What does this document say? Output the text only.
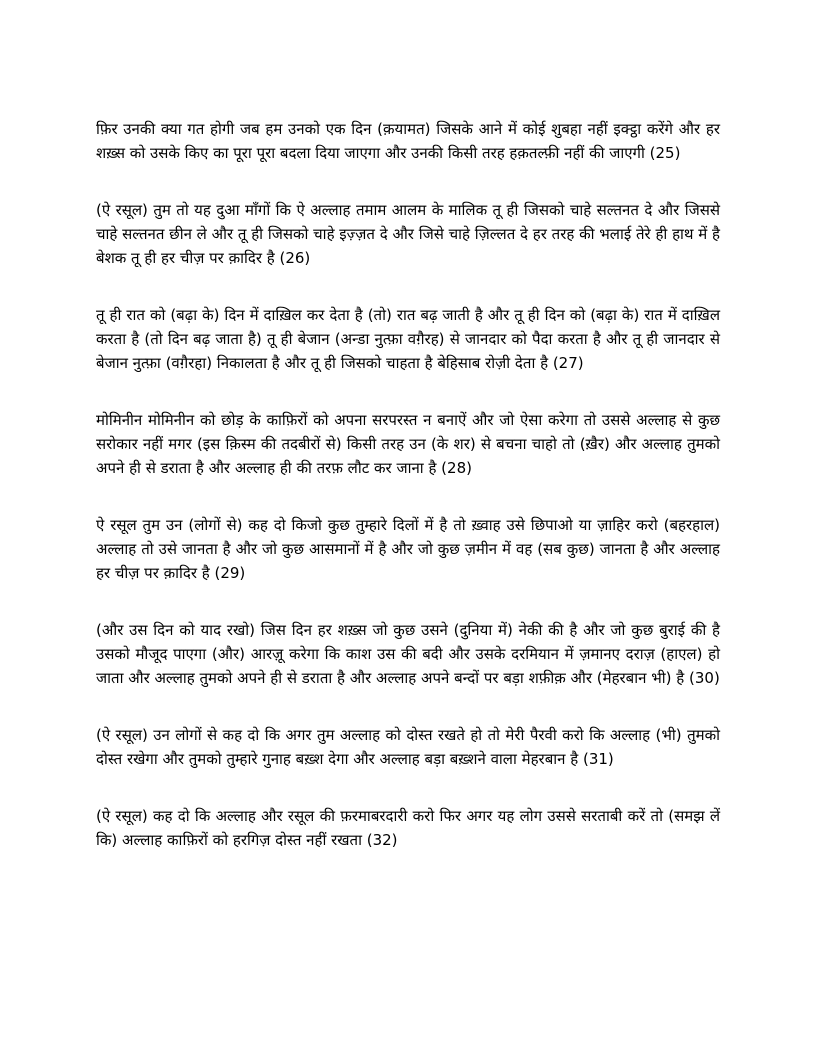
फ़िर उनकी क्या गत होगी जब हम उनको एक दिन (क़यामत) जिसके आने में कोई शुबहा नहीं इक्ट्ठा करेंगे और हर शख़्स को उसके किए का पूरा पूरा बदला दिया जाएगा और उनकी किसी तरह हक़तल्फ़ी नहीं की जाएगी (25)

(ऐ रसूल) तुम तो यह दुआ माँगों कि ऐ अल्लाह तमाम आलम के मालिक तू ही जिसको चाहे सल्तनत दे और जिससे चाहे सल्तनत छीन ले और तू ही जिसको चाहे इज़्ज़त दे और जिसे चाहे ज़िल्लत दे हर तरह की भलाई तेरे ही हाथ में है बेशक तू ही हर चीज़ पर क़ादिर है (26)

तू ही रात को (बढ़ा के) दिन में दाख़िल कर देता है (तो) रात बढ़ जाती है और तू ही दिन को (बढ़ा के) रात में दाख़िल करता है (तो दिन बढ़ जाता है) तू ही बेजान (अन्डा नुत्फ़ा वग़ैरह) से जानदार को पैदा करता है और तू ही जानदार से बेजान नुत्फ़ा (वग़ैरहा) निकालता है और तू ही जिसको चाहता है बेहिसाब रोज़ी देता है (27)

मोमिनीन मोमिनीन को छोड़ के काफ़िरों को अपना सरपरस्त न बनाऐं और जो ऐसा करेगा तो उससे अल्लाह से कुछ सरोकार नहीं मगर (इस क़िस्म की तदबीरों से) किसी तरह उन (के शर) से बचना चाहो तो (ख़ैर) और अल्लाह तुमको अपने ही से डराता है और अल्लाह ही की तरफ़ लौट कर जाना है (28)

ऐ रसूल तुम उन (लोगों से) कह दो किजो कुछ तुम्हारे दिलों में है तो ख़्वाह उसे छिपाओ या ज़ाहिर करो (बहरहाल) अल्लाह तो उसे जानता है और जो कुछ आसमानों में है और जो कुछ ज़मीन में वह (सब कुछ) जानता है और अल्लाह हर चीज़ पर क़ादिर है (29)

(और उस दिन को याद रखो) जिस दिन हर शख़्स जो कुछ उसने (दुनिया में) नेकी की है और जो कुछ बुराई की है उसको मौजूद पाएगा (और) आरज़ू करेगा कि काश उस की बदी और उसके दरमियान में ज़मानए दराज़ (हाएल) हो जाता और अल्लाह तुमको अपने ही से डराता है और अल्लाह अपने बन्दों पर बड़ा शफ़ीक़ और (मेहरबान भी) है (30)

(ऐ रसूल) उन लोगों से कह दो कि अगर तुम अल्लाह को दोस्त रखते हो तो मेरी पैरवी करो कि अल्लाह (भी) तुमको दोस्त रखेगा और तुमको तुम्हारे गुनाह बख़्श देगा और अल्लाह बड़ा बख़्शने वाला मेहरबान है (31)

(ऐ रसूल) कह दो कि अल्लाह और रसूल की फ़रमाबरदारी करो फिर अगर यह लोग उससे सरताबी करें तो (समझ लें कि) अल्लाह काफ़िरों को हरगिज़ दोस्त नहीं रखता (32)
